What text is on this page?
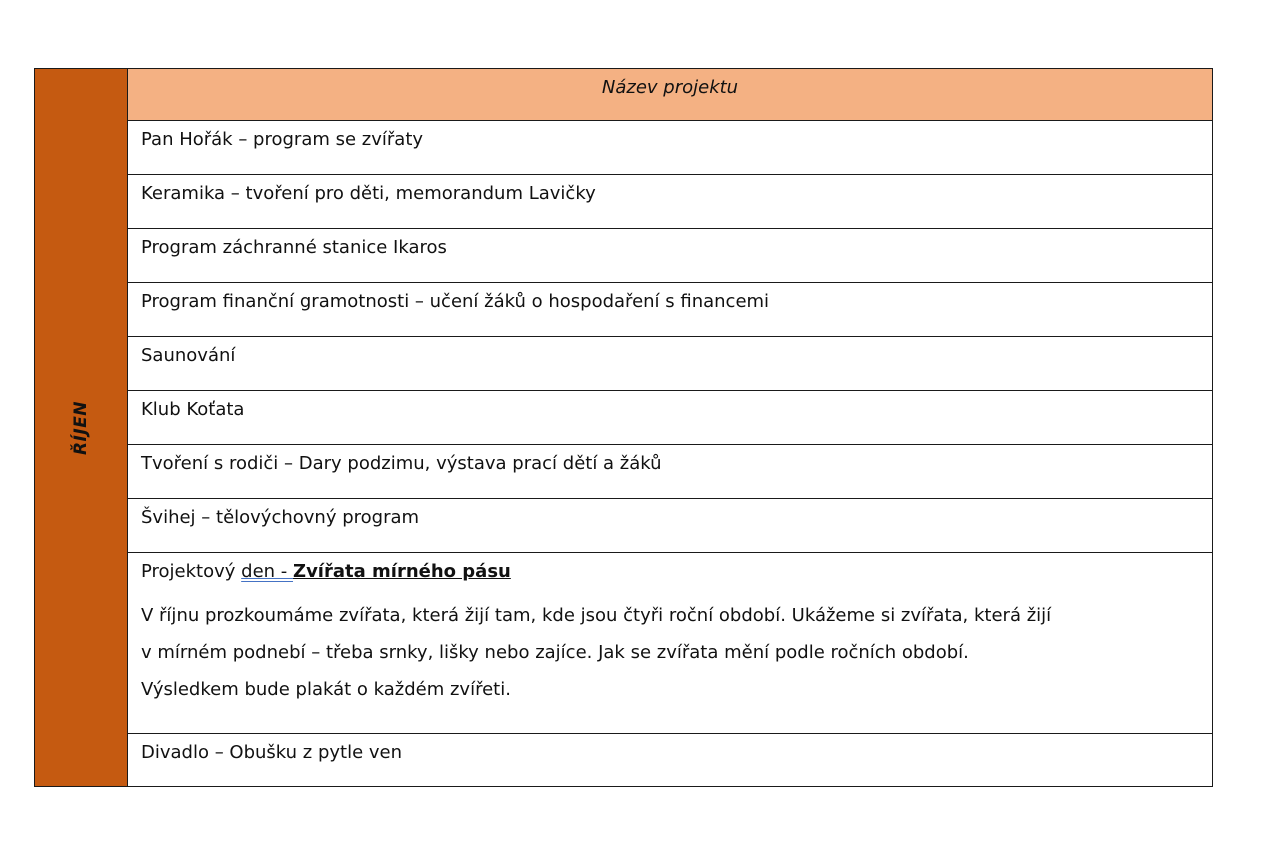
ŘÍJEN
Název projektu
Pan Hořák – program se zvířaty
Keramika – tvoření pro děti, memorandum Lavičky
Program záchranné stanice Ikaros
Program finanční gramotnosti – učení žáků o hospodaření s financemi
Saunování
Klub Koťata
Tvoření s rodiči – Dary podzimu, výstava prací dětí a žáků
Švihej – tělovýchovný program
Projektový den - Zvířata mírného pásu
V říjnu prozkoumáme zvířata, která žijí tam, kde jsou čtyři roční období. Ukážeme si zvířata, která žijí
v mírném podnebí – třeba srnky, lišky nebo zajíce. Jak se zvířata mění podle ročních období.
Výsledkem bude plakát o každém zvířeti.
Divadlo – Obušku z pytle ven
